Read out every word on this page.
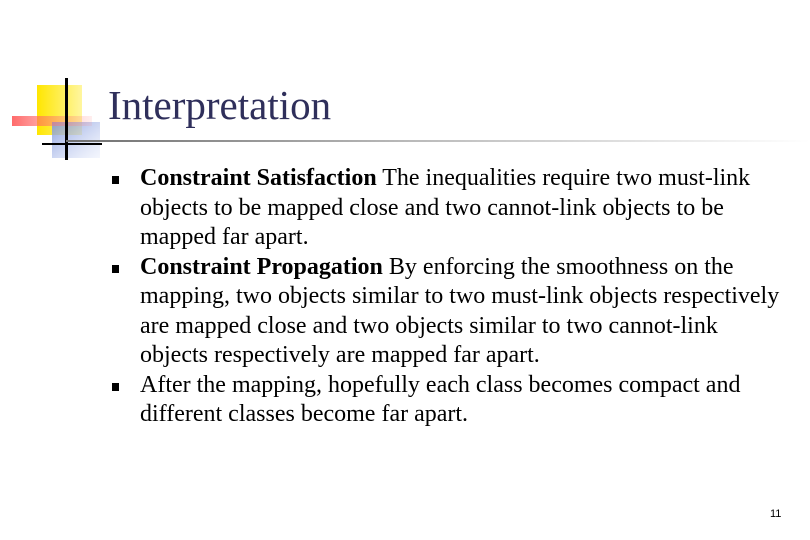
Interpretation
Constraint Satisfaction The inequalities require two must-link objects to be mapped close and two cannot-link objects to be mapped far apart.
Constraint Propagation By enforcing the smoothness on the mapping, two objects similar to two must-link objects respectively are mapped close and two objects similar to two cannot-link objects respectively are mapped far apart.
After the mapping, hopefully each class becomes compact and different classes become far apart.
11
